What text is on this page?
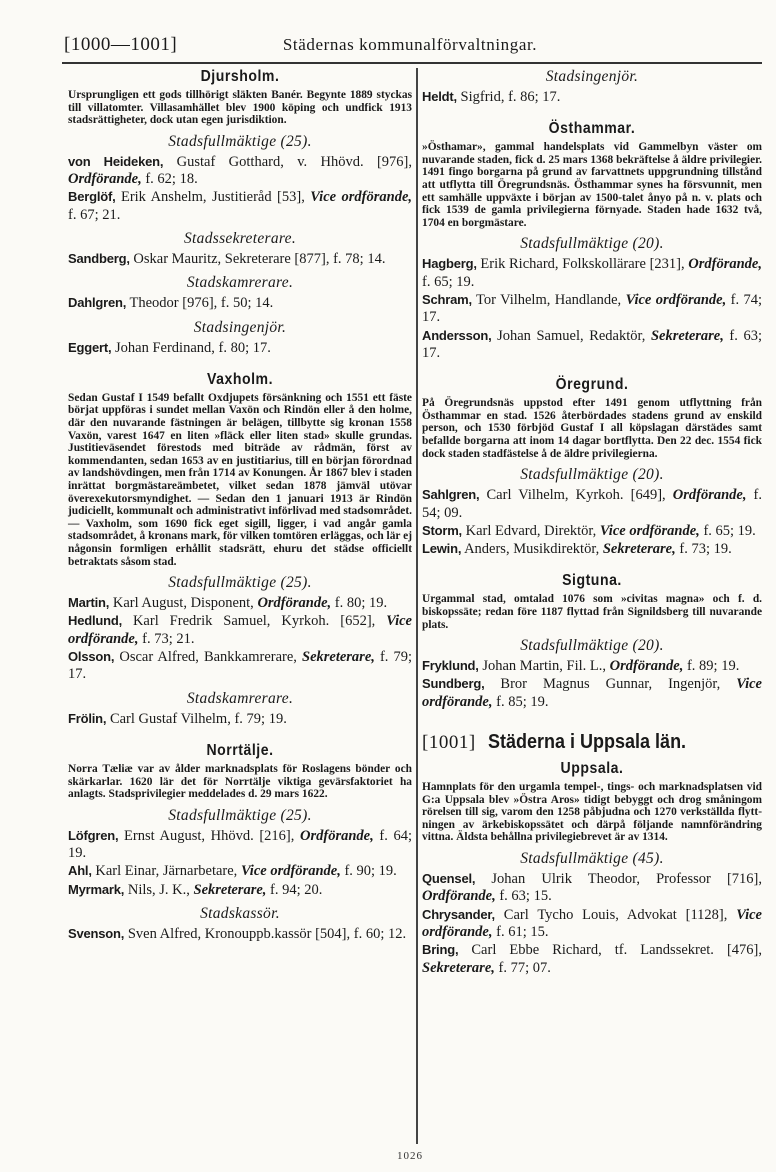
[1000—1001]	Städernas kommunalförvaltningar.
Djursholm.

Ursprungligen ett gods tillhörigt släkten Banér. Begynte 1889 styckas till villatomter. Villasamhället blev 1900 köping och undfick 1913 stadsrättigheter, dock utan egen jurisdiktion.

Stadsfullmäktige (25).

von Heideken, Gustaf Gotthard, v. Hhövd. [976], Ordförande, f. 62; 18.

Berglöf, Erik Anshelm, Justitieråd [53], Vice ordförande, f. 67; 21.

Stadssekreterare.

Sandberg, Oskar Mauritz, Sekreterare [877], f. 78; 14.

Stadskamrerare.

Dahlgren, Theodor [976], f. 50; 14.

Stadsingenjör.

Eggert, Johan Ferdinand, f. 80; 17.

Vaxholm.

Sedan Gustaf I 1549 befallt Oxdjupets försänkning och 1551 ett fäste börjat uppföras i sundet mellan Vaxön och Rindön eller å den holme, där den nuvarande fästningen är belägen, tillbytte sig kronan 1558 Vaxön, varest 1647 en liten »fläck eller liten stad» skulle grundas. Justitieväsendet förestods med biträde av rådmän, först av kommendanten, sedan 1653 av en justitiarius, till en början förordnad av landshövdingen, men från 1714 av Konungen. År 1867 blev i staden inrättat borgmästareämbetet, vilket sedan 1878 jämväl utövar överexekutorsmyndighet. — Sedan den 1 januari 1913 är Rindön judiciellt, kommunalt och administrativt införlivad med stadsområdet. — Vaxholm, som 1690 fick eget sigill, ligger, i vad angår gamla stadsområdet, å kronans mark, för vilken tomtören erläggas, och lär ej någonsin formligen erhållit stadsrätt, ehuru det städse officiellt betraktats såsom stad.

Stadsfullmäktige (25).

Martin, Karl August, Disponent, Ordförande, f. 80; 19.

Hedlund, Karl Fredrik Samuel, Kyrkoh. [652], Vice ordförande, f. 73; 21.

Olsson, Oscar Alfred, Bankkamrerare, Sekreterare, f. 79; 17.

Stadskamrerare.

Frölin, Carl Gustaf Vilhelm, f. 79; 19.

Norrtälje.

Norra Tæliæ var av ålder marknadsplats för Roslagens bönder och skärkarlar. 1620 lär det för Norrtälje viktiga gevärsfaktoriet ha anlagts. Stadsprivilegier meddelades d. 29 mars 1622.

Stadsfullmäktige (25).

Löfgren, Ernst August, Hhövd. [216], Ordförande, f. 64; 19.

Ahl, Karl Einar, Järnarbetare, Vice ordförande, f. 90; 19.

Myrmark, Nils, J. K., Sekreterare, f. 94; 20.

Stadskassör.

Svenson, Sven Alfred, Kronouppb.kassör [504], f. 60; 12.

Stadsingenjör.

Heldt, Sigfrid, f. 86; 17.

Östhammar.

»Östhamar», gammal handelsplats vid Gammelbyn väster om nuvarande staden, fick d. 25 mars 1368 bekräftelse å äldre privilegier. 1491 fingo borgarna på grund av farvattnets uppgrundning tillstånd att utflytta till Öregrundsnäs. Östhammar synes ha försvunnit, men ett samhälle uppväxte i början av 1500-talet ånyo på n. v. plats och fick 1539 de gamla privilegierna förnyade. Staden hade 1632 två, 1704 en borgmästare.

Stadsfullmäktige (20).

Hagberg, Erik Richard, Folkskollärare [231], Ordförande, f. 65; 19.

Schram, Tor Vilhelm, Handlande, Vice ordförande, f. 74; 17.

Andersson, Johan Samuel, Redaktör, Sekreterare, f. 63; 17.

Öregrund.

På Öregrundsnäs uppstod efter 1491 genom utflyttning från Östhammar en stad. 1526 återbördades stadens grund av enskild person, och 1530 förbjöd Gustaf I all köpslagan därstädes samt befallde borgarna att inom 14 dagar bortflytta. Den 22 dec. 1554 fick dock staden stadfästelse å de äldre privilegierna.

Stadsfullmäktige (20).

Sahlgren, Carl Vilhelm, Kyrkoh. [649], Ordförande, f. 54; 09.

Storm, Karl Edvard, Direktör, Vice ordförande, f. 65; 19.

Lewin, Anders, Musikdirektör, Sekreterare, f. 73; 19.

Sigtuna.

Urgammal stad, omtalad 1076 som »civitas magna» och f. d. biskopssäte; redan före 1187 flyttad från Signildsberg till nuvarande plats.

Stadsfullmäktige (20).

Fryklund, Johan Martin, Fil. L., Ordförande, f. 89; 19.

Sundberg, Bror Magnus Gunnar, Ingenjör, Vice ordförande, f. 85; 19.

[1001] Städerna i Uppsala län.
Uppsala.

Hamnplats för den urgamla tempel-, tings- och marknadsplatsen vid G:a Uppsala blev »Östra Aros» tidigt bebyggt och drog småningom rörelsen till sig, varom den 1258 påbjudna och 1270 verkställda flyttningen av ärkebiskopssätet och därpå följande namnförändring vittna. Äldsta behållna privilegiebrevet är av 1314.

Stadsfullmäktige (45).

Quensel, Johan Ulrik Theodor, Professor [716], Ordförande, f. 63; 15.

Chrysander, Carl Tycho Louis, Advokat [1128], Vice ordförande, f. 61; 15.

Bring, Carl Ebbe Richard, tf. Landssekret. [476], Sekreterare, f. 77; 07.

1026
